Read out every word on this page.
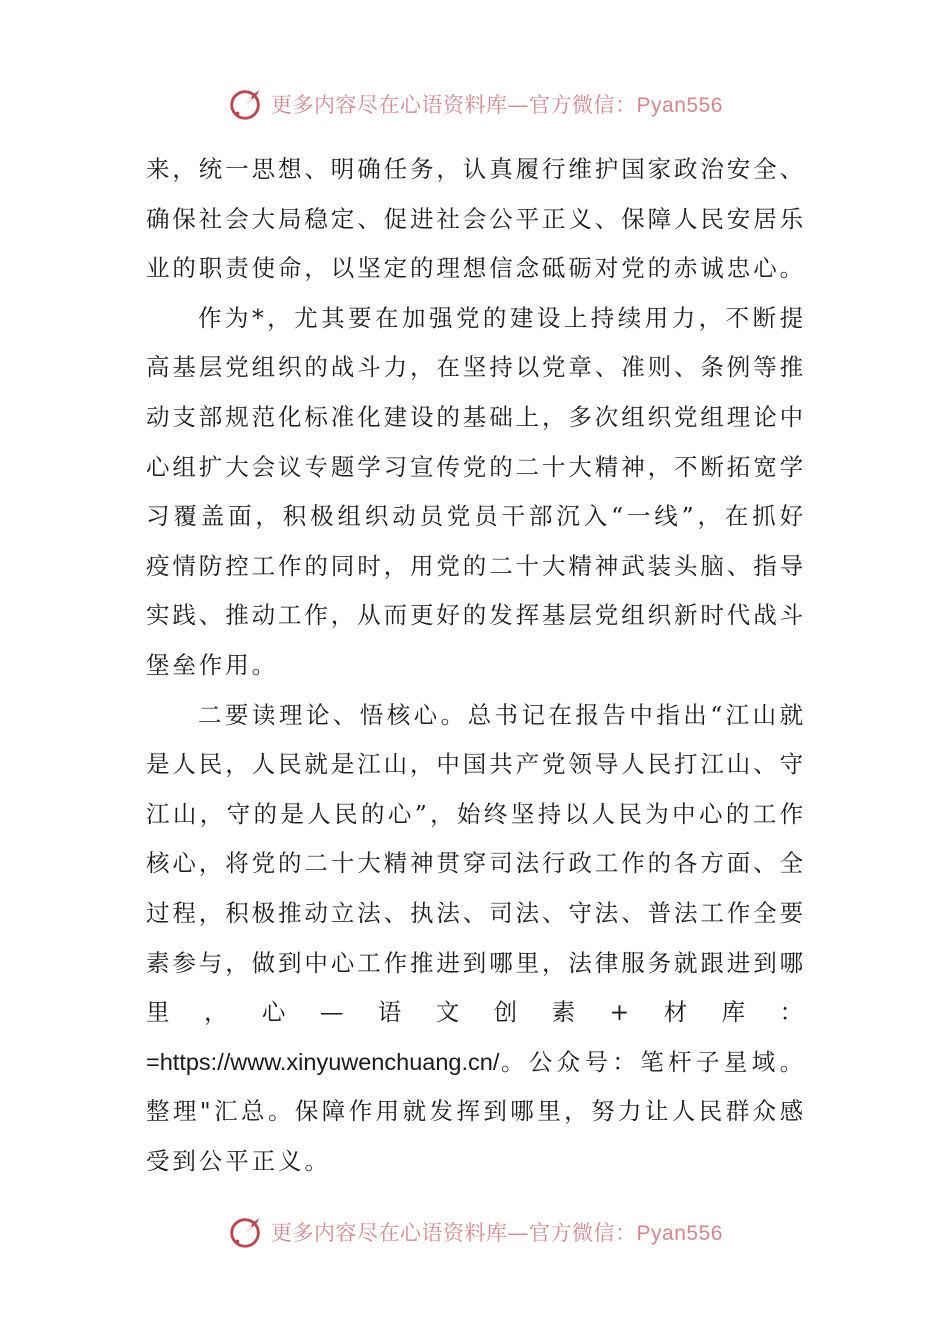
更多内容尽在心语资料库—官方微信：Pyan556

来，统一思想、明确任务，认真履行维护国家政治安全、确保社会大局稳定、促进社会公平正义、保障人民安居乐业的职责使命，以坚定的理想信念砥砺对党的赤诚忠心。

作为*，尤其要在加强党的建设上持续用力，不断提高基层党组织的战斗力，在坚持以党章、准则、条例等推动支部规范化标准化建设的基础上，多次组织党组理论中心组扩大会议专题学习宣传党的二十大精神，不断拓宽学习覆盖面，积极组织动员党员干部沉入“一线”，在抓好疫情防控工作的同时，用党的二十大精神武装头脑、指导实践、推动工作，从而更好的发挥基层党组织新时代战斗堡垒作用。

二要读理论、悟核心。总书记在报告中指出“江山就是人民，人民就是江山，中国共产党领导人民打江山、守江山，守的是人民的心”，始终坚持以人民为中心的工作核心，将党的二十大精神贯穿司法行政工作的各方面、全过程，积极推动立法、执法、司法、守法、普法工作全要素参与，做到中心工作推进到哪里，法律服务就跟进到哪里，心—语文创素+材库：=https://www.xinyuwenchuang.cn/。公众号：笔杆子星域。整理"汇总。保障作用就发挥到哪里，努力让人民群众感受到公平正义。

更多内容尽在心语资料库—官方微信：Pyan556
